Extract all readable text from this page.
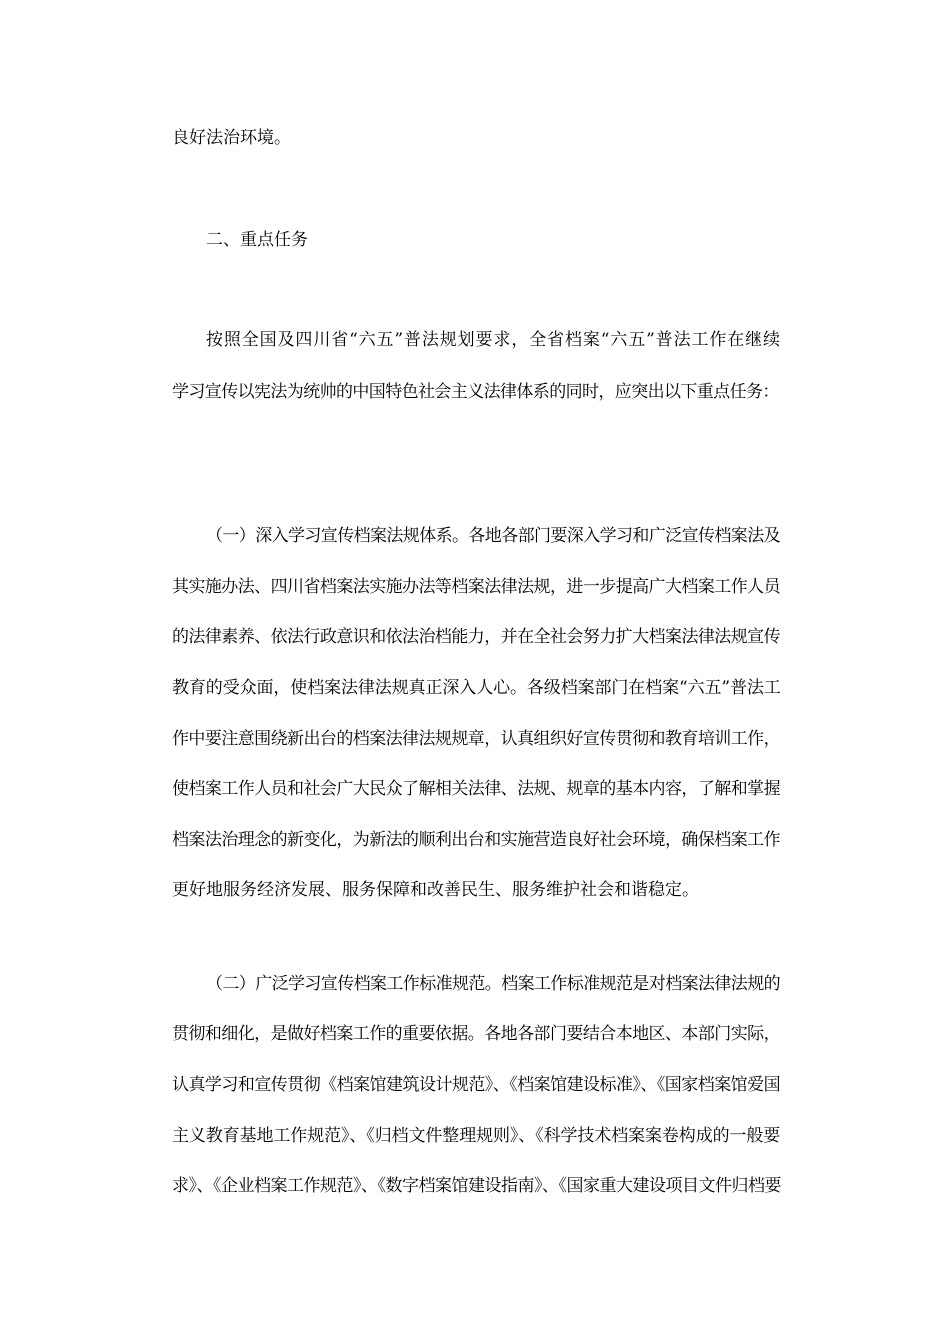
良好法治环境。
二、重点任务
按照全国及四川省“六五”普法规划要求，全省档案“六五”普法工作在继续
学习宣传以宪法为统帅的中国特色社会主义法律体系的同时，应突出以下重点任务：
（一）深入学习宣传档案法规体系。各地各部门要深入学习和广泛宣传档案法及
其实施办法、四川省档案法实施办法等档案法律法规，进一步提高广大档案工作人员
的法律素养、依法行政意识和依法治档能力，并在全社会努力扩大档案法律法规宣传
教育的受众面，使档案法律法规真正深入人心。各级档案部门在档案“六五”普法工
作中要注意围绕新出台的档案法律法规规章，认真组织好宣传贯彻和教育培训工作，
使档案工作人员和社会广大民众了解相关法律、法规、规章的基本内容，了解和掌握
档案法治理念的新变化，为新法的顺利出台和实施营造良好社会环境，确保档案工作
更好地服务经济发展、服务保障和改善民生、服务维护社会和谐稳定。
（二）广泛学习宣传档案工作标准规范。档案工作标准规范是对档案法律法规的
贯彻和细化，是做好档案工作的重要依据。各地各部门要结合本地区、本部门实际，
认真学习和宣传贯彻《档案馆建筑设计规范》、《档案馆建设标准》、《国家档案馆爱国
主义教育基地工作规范》、《归档文件整理规则》、《科学技术档案案卷构成的一般要
求》、《企业档案工作规范》、《数字档案馆建设指南》、《国家重大建设项目文件归档要
